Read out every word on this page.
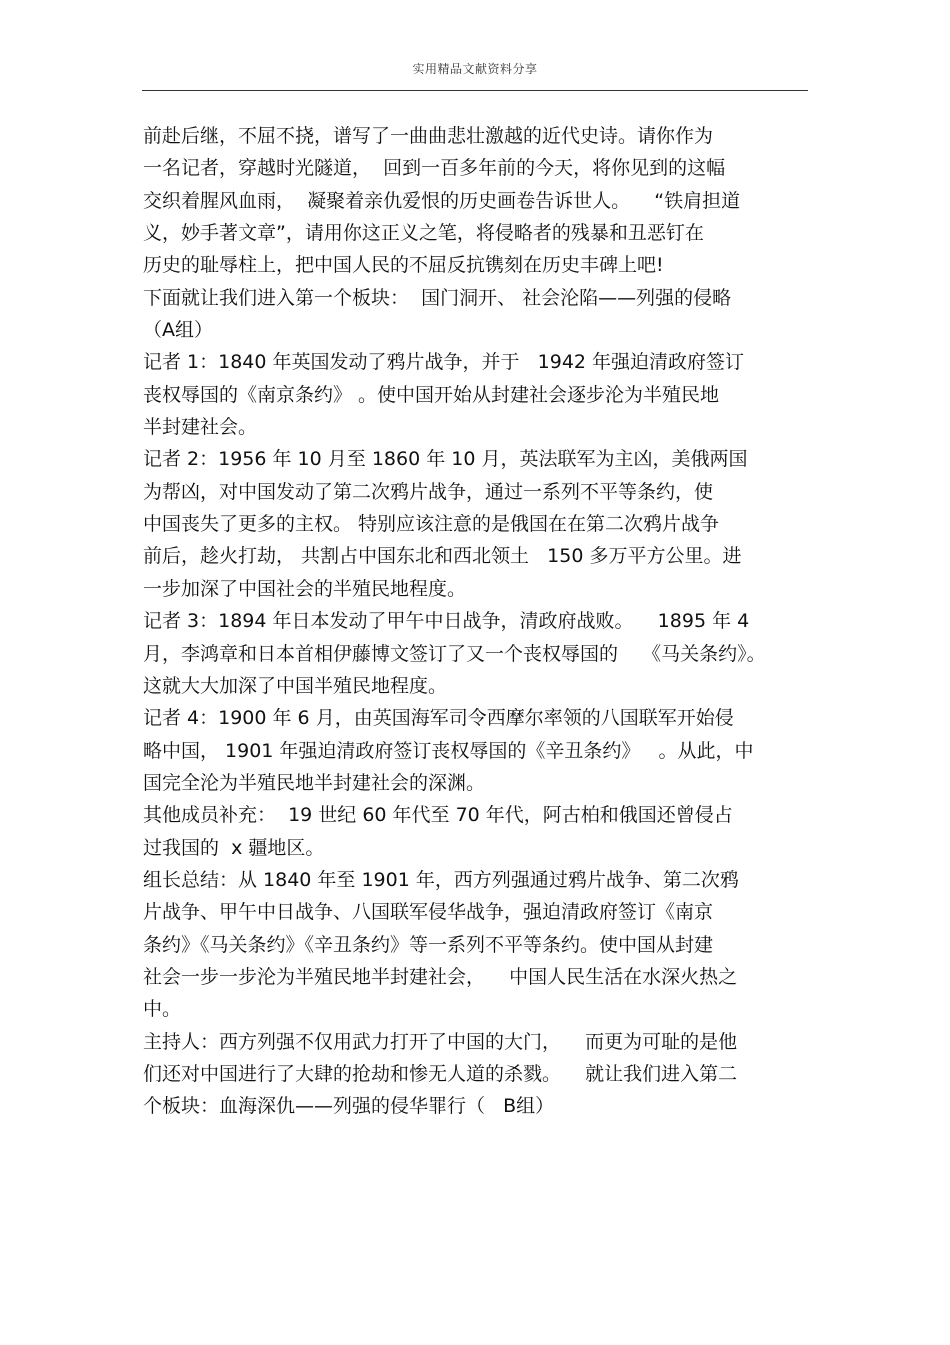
实用精品文献资料分享
前赴后继，不屈不挠，谱写了一曲曲悲壮激越的近代史诗。请你作为
一名记者，穿越时光隧道，  回到一百多年前的今天，将你见到的这幅
交织着腥风血雨，  凝聚着亲仇爱恨的历史画卷告诉世人。    “铁肩担道
义，妙手著文章”，请用你这正义之笔，将侵略者的残暴和丑恶钉在
历史的耻辱柱上，把中国人民的不屈反抗镌刻在历史丰碑上吧!
下面就让我们进入第一个板块：  国门洞开、 社会沦陷——列强的侵略
（A组）
记者 1：1840 年英国发动了鸦片战争，并于   1942 年强迫清政府签订
丧权辱国的《南京条约》 。使中国开始从封建社会逐步沦为半殖民地
半封建社会。
记者 2：1956 年 10 月至 1860 年 10 月，英法联军为主凶，美俄两国
为帮凶，对中国发动了第二次鸦片战争，通过一系列不平等条约，使
中国丧失了更多的主权。 特别应该注意的是俄国在在第二次鸦片战争
前后，趁火打劫， 共割占中国东北和西北领土   150 多万平方公里。进
一步加深了中国社会的半殖民地程度。
记者 3：1894 年日本发动了甲午中日战争，清政府战败。    1895 年 4
月，李鸿章和日本首相伊藤博文签订了又一个丧权辱国的    《马关条约》。
这就大大加深了中国半殖民地程度。
记者 4：1900 年 6 月，由英国海军司令西摩尔率领的八国联军开始侵
略中国， 1901 年强迫清政府签订丧权辱国的《辛丑条约》   。从此，中
国完全沦为半殖民地半封建社会的深渊。
其他成员补充：  19 世纪 60 年代至 70 年代，阿古柏和俄国还曾侵占
过我国的  x 疆地区。
组长总结：从 1840 年至 1901 年，西方列强通过鸦片战争、第二次鸦
片战争、甲午中日战争、八国联军侵华战争，强迫清政府签订《南京
条约》《马关条约》《辛丑条约》等一系列不平等条约。使中国从封建
社会一步一步沦为半殖民地半封建社会，    中国人民生活在水深火热之
中。
主持人：西方列强不仅用武力打开了中国的大门，    而更为可耻的是他
们还对中国进行了大肆的抢劫和惨无人道的杀戮。    就让我们进入第二
个板块：血海深仇——列强的侵华罪行（   B组）
